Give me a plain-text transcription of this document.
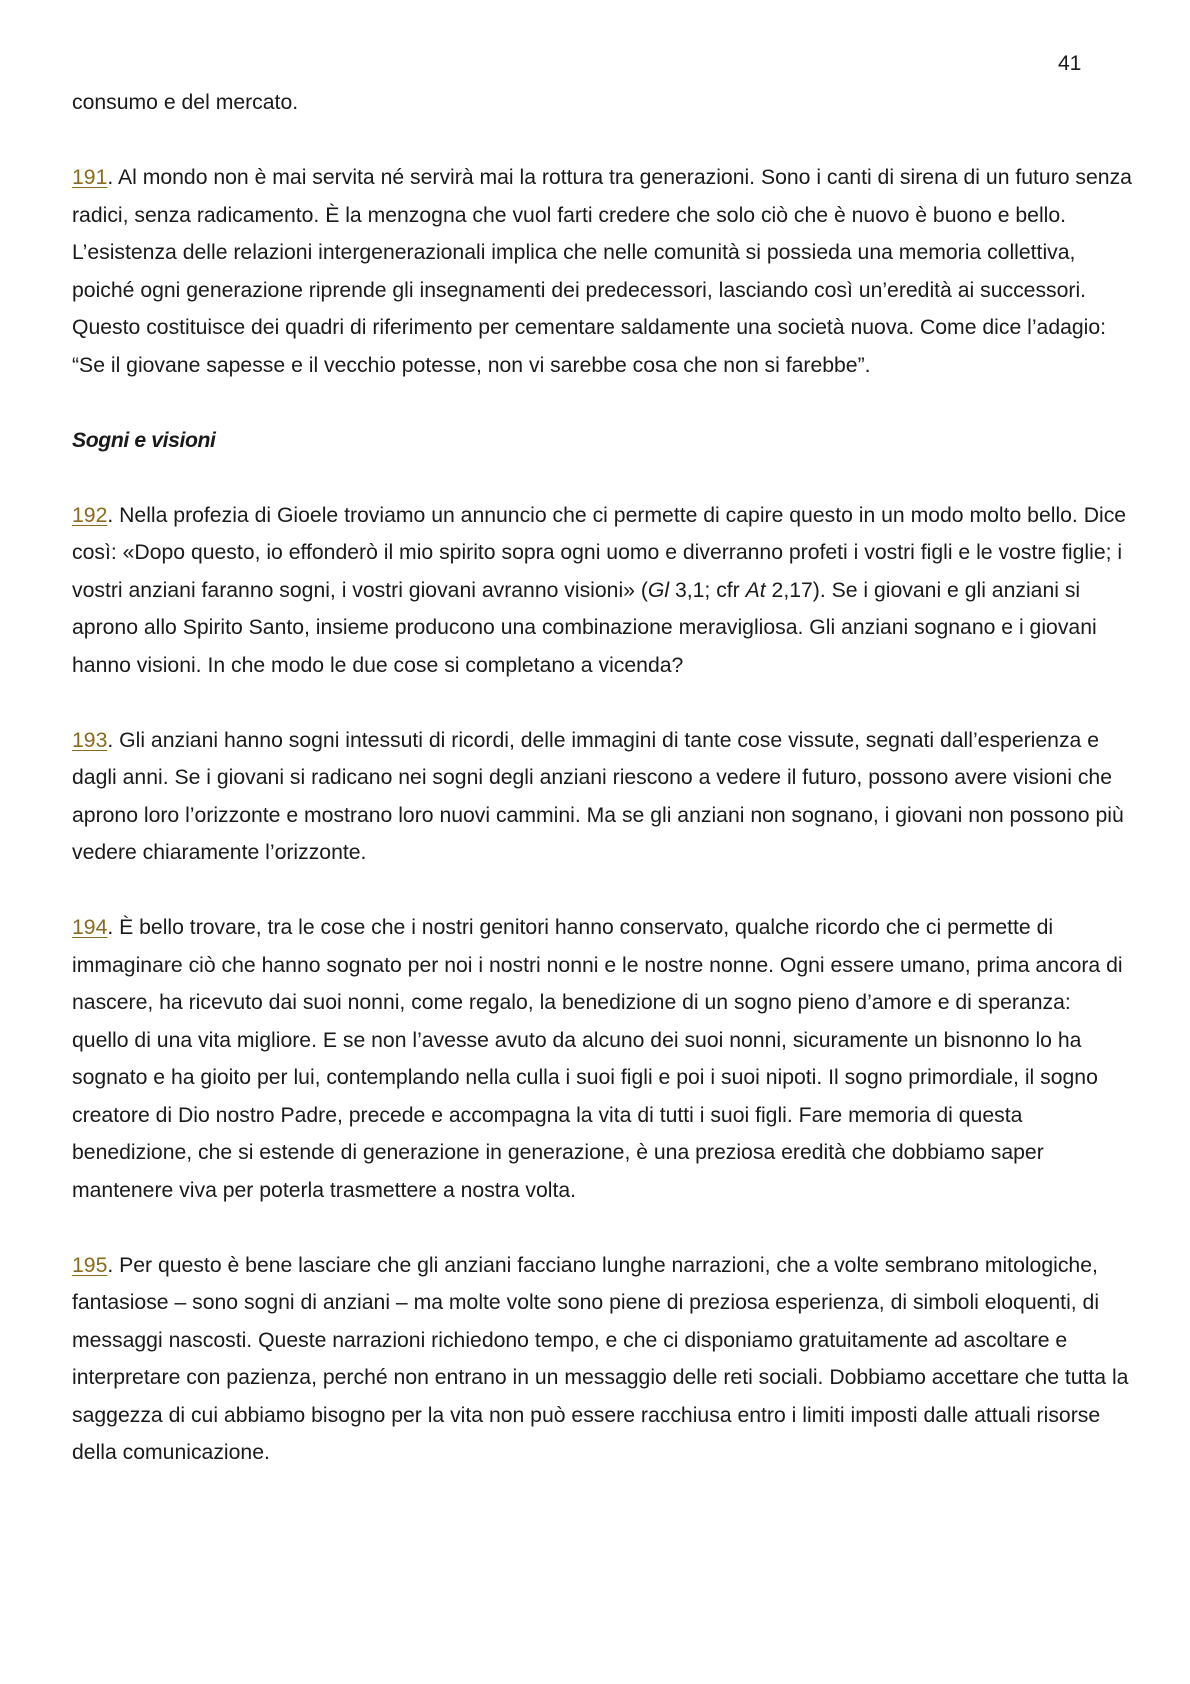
41

consumo e del mercato.

191. Al mondo non è mai servita né servirà mai la rottura tra generazioni. Sono i canti di sirena di un futuro senza radici, senza radicamento. È la menzogna che vuol farti credere che solo ciò che è nuovo è buono e bello. L’esistenza delle relazioni intergenerazionali implica che nelle comunità si possieda una memoria collettiva, poiché ogni generazione riprende gli insegnamenti dei predecessori, lasciando così un’eredità ai successori. Questo costituisce dei quadri di riferimento per cementare saldamente una società nuova. Come dice l’adagio: “Se il giovane sapesse e il vecchio potesse, non vi sarebbe cosa che non si farebbe”.

Sogni e visioni

192. Nella profezia di Gioele troviamo un annuncio che ci permette di capire questo in un modo molto bello. Dice così: «Dopo questo, io effonderò il mio spirito sopra ogni uomo e diverranno profeti i vostri figli e le vostre figlie; i vostri anziani faranno sogni, i vostri giovani avranno visioni» (Gl 3,1; cfr At 2,17). Se i giovani e gli anziani si aprono allo Spirito Santo, insieme producono una combinazione meravigliosa. Gli anziani sognano e i giovani hanno visioni. In che modo le due cose si completano a vicenda?

193. Gli anziani hanno sogni intessuti di ricordi, delle immagini di tante cose vissute, segnati dall’esperienza e dagli anni. Se i giovani si radicano nei sogni degli anziani riescono a vedere il futuro, possono avere visioni che aprono loro l’orizzonte e mostrano loro nuovi cammini. Ma se gli anziani non sognano, i giovani non possono più vedere chiaramente l’orizzonte.

194. È bello trovare, tra le cose che i nostri genitori hanno conservato, qualche ricordo che ci permette di immaginare ciò che hanno sognato per noi i nostri nonni e le nostre nonne. Ogni essere umano, prima ancora di nascere, ha ricevuto dai suoi nonni, come regalo, la benedizione di un sogno pieno d’amore e di speranza: quello di una vita migliore. E se non l’avesse avuto da alcuno dei suoi nonni, sicuramente un bisnonno lo ha sognato e ha gioito per lui, contemplando nella culla i suoi figli e poi i suoi nipoti. Il sogno primordiale, il sogno creatore di Dio nostro Padre, precede e accompagna la vita di tutti i suoi figli. Fare memoria di questa benedizione, che si estende di generazione in generazione, è una preziosa eredità che dobbiamo saper mantenere viva per poterla trasmettere a nostra volta.

195. Per questo è bene lasciare che gli anziani facciano lunghe narrazioni, che a volte sembrano mitologiche, fantasiose – sono sogni di anziani – ma molte volte sono piene di preziosa esperienza, di simboli eloquenti, di messaggi nascosti. Queste narrazioni richiedono tempo, e che ci disponiamo gratuitamente ad ascoltare e interpretare con pazienza, perché non entrano in un messaggio delle reti sociali. Dobbiamo accettare che tutta la saggezza di cui abbiamo bisogno per la vita non può essere racchiusa entro i limiti imposti dalle attuali risorse della comunicazione.
